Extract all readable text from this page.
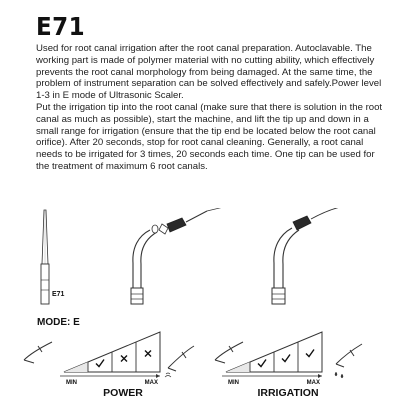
E71

Used for root canal irrigation after the root canal preparation. Autoclavable. The working part is made of polymer material with no cutting ability, which effectively prevents the root canal morphology from being damaged. At the same time, the problem of instrument separation can be solved effectively and safely.Power level 1-3 in E mode of Ultrasonic Scaler.

Put the irrigation tip into the root canal (make sure that there is solution in the root canal as much as possible), start the machine, and lift the tip up and down in a small range for irrigation (ensure that the tip end be located below the root canal orifice). After 20 seconds, stop for root canal cleaning. Generally, a root canal needs to be irrigated for 3 times, 20 seconds each time. One tip can be used for the treatment of maximum 6 root canals.

E71
MODE: E
MIN	MAX	MIN	MAX
POWER	IRRIGATION
